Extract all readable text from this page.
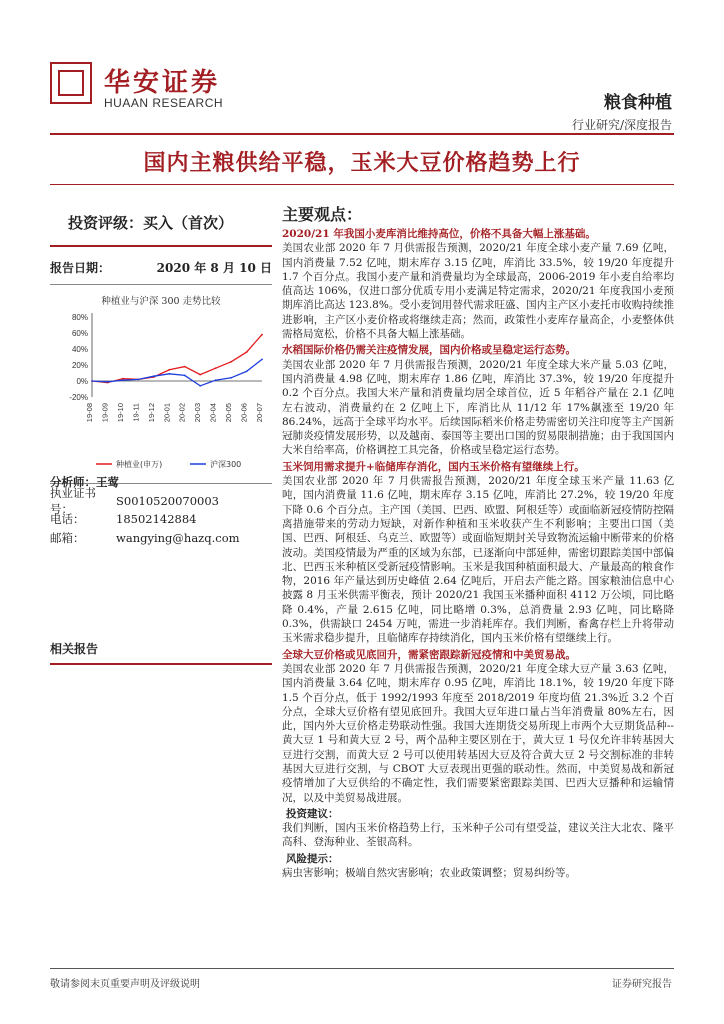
华安证券
HUAAN RESEARCH	粮食种植
行业研究/深度报告
国内主粮供给平稳，玉米大豆价格趋势上行
投资评级：买入（首次）
报告日期：	2020 年 8 月 10 日
种植业与沪深 300 走势比较
80%
60%
40%
20%
0%
-20%
19-08 19-09 19-10 19-11 19-12 20-01 20-02 20-03 20-04 20-05 20-06 20-07
种植业(申万)	沪深300
分析师： 王莺
执业证书号：
S0010520070003
电话：	18502142884
邮箱：	wangying@hazq.com
相关报告
主要观点：
2020/21 年我国小麦库消比维持高位，价格不具备大幅上涨基础。
美国农业部 2020 年 7 月供需报告预测，2020/21 年度全球小麦产量 7.69 亿吨，国内消费量 7.52 亿吨，期末库存 3.15 亿吨，库消比 33.5%，较 19/20 年度提升 1.7 个百分点。我国小麦产量和消费量均为全球最高，2006-2019 年小麦自给率均值高达 106%，仅进口部分优质专用小麦满足特定需求，2020/21 年度我国小麦预期库消比高达 123.8%。受小麦饲用替代需求旺盛、国内主产区小麦托市收购持续推进影响，主产区小麦价格或将继续走高；然而，政策性小麦库存量高企，小麦整体供需格局宽松，价格不具备大幅上涨基础。
水稻国际价格仍需关注疫情发展，国内价格或呈稳定运行态势。
美国农业部 2020 年 7 月供需报告预测，2020/21 年度全球大米产量 5.03 亿吨，国内消费量 4.98 亿吨，期末库存 1.86 亿吨，库消比 37.3%，较 19/20 年度提升 0.2 个百分点。我国大米产量和消费量均居全球首位，近 5 年稻谷产量在 2.1 亿吨左右波动，消费量约在 2 亿吨上下，库消比从 11/12 年 17%飙涨至 19/20 年 86.24%，远高于全球平均水平。后续国际稻米价格走势需密切关注印度等主产国新冠肺炎疫情发展形势，以及越南、泰国等主要出口国的贸易限制措施；由于我国国内大米自给率高，价格调控工具完备，价格或呈稳定运行态势。
玉米饲用需求提升+临储库存消化，国内玉米价格有望继续上行。
美国农业部 2020 年 7 月供需报告预测，2020/21 年度全球玉米产量 11.63 亿吨，国内消费量 11.6 亿吨，期末库存 3.15 亿吨，库消比 27.2%，较 19/20 年度下降 0.6 个百分点。主产国（美国、巴西、欧盟、阿根廷等）或面临新冠疫情防控隔离措施带来的劳动力短缺，对新作种植和玉米收获产生不利影响；主要出口国（美国、巴西、阿根廷、乌克兰、欧盟等）或面临短期封关导致物流运输中断带来的价格波动。美国疫情最为严重的区域为东部，已逐渐向中部延伸，需密切跟踪美国中部偏北、巴西玉米种植区受新冠疫情影响。玉米是我国种植面积最大、产量最高的粮食作物，2016 年产量达到历史峰值 2.64 亿吨后，开启去产能之路。国家粮油信息中心披露 8 月玉米供需平衡表，预计 2020/21 我国玉米播种面积 4112 万公顷，同比略降 0.4%，产量 2.615 亿吨，同比略增 0.3%，总消费量 2.93 亿吨，同比略降 0.3%，供需缺口 2454 万吨，需进一步消耗库存。我们判断，畜禽存栏上升将带动玉米需求稳步提升，且临储库存持续消化，国内玉米价格有望继续上行。
全球大豆价格或见底回升，需紧密跟踪新冠疫情和中美贸易战。
美国农业部 2020 年 7 月供需报告预测，2020/21 年度全球大豆产量 3.63 亿吨，国内消费量 3.64 亿吨，期末库存 0.95 亿吨，库消比 18.1%，较 19/20 年度下降 1.5 个百分点，低于 1992/1993 年度至 2018/2019 年度均值 21.3%近 3.2 个百分点，全球大豆价格有望见底回升。我国大豆年进口量占当年消费量 80%左右，因此，国内外大豆价格走势联动性强。我国大连期货交易所现上市两个大豆期货品种--黄大豆 1 号和黄大豆 2 号，两个品种主要区别在于，黄大豆 1 号仅允许非转基因大豆进行交割，而黄大豆 2 号可以使用转基因大豆及符合黄大豆 2 号交割标准的非转基因大豆进行交割，与 CBOT 大豆表现出更强的联动性。然而，中美贸易战和新冠疫情增加了大豆供给的不确定性，我们需要紧密跟踪美国、巴西大豆播种和运输情况，以及中美贸易战进展。
投资建议：
我们判断，国内玉米价格趋势上行，玉米种子公司有望受益，建议关注大北农、隆平高科、登海种业、荃银高科。
风险提示：
病虫害影响；极端自然灾害影响；农业政策调整；贸易纠纷等。
敬请参阅末页重要声明及评级说明	证券研究报告
